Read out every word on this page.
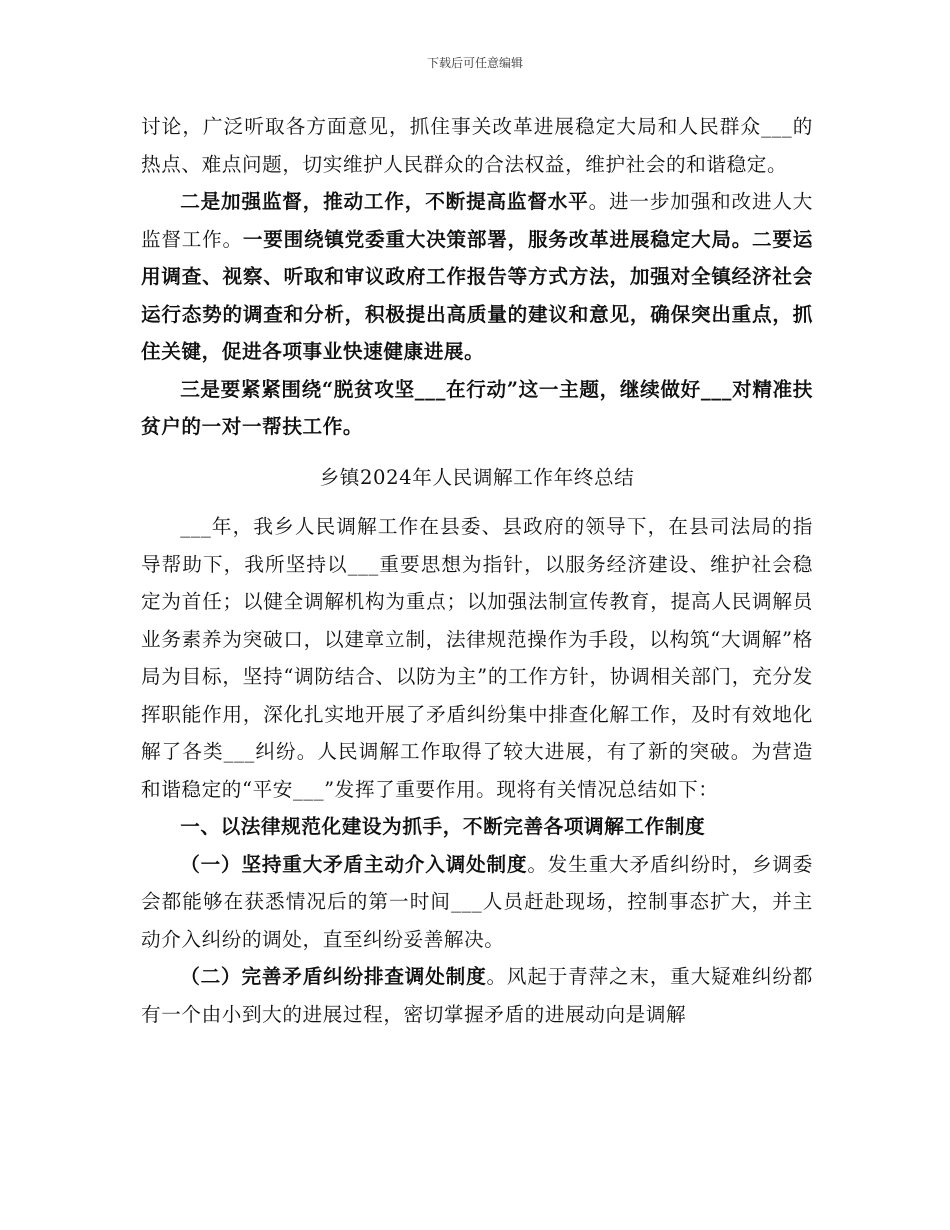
下载后可任意编辑

讨论，广泛听取各方面意见，抓住事关改革进展稳定大局和人民群众___的热点、难点问题，切实维护人民群众的合法权益，维护社会的和谐稳定。

二是加强监督，推动工作，不断提高监督水平。进一步加强和改进人大监督工作。一要围绕镇党委重大决策部署，服务改革进展稳定大局。二要运用调查、视察、听取和审议政府工作报告等方式方法，加强对全镇经济社会运行态势的调查和分析，积极提出高质量的建议和意见，确保突出重点，抓住关键，促进各项事业快速健康进展。

三是要紧紧围绕“脱贫攻坚___在行动”这一主题，继续做好___对精准扶贫户的一对一帮扶工作。

乡镇2024年人民调解工作年终总结

___年，我乡人民调解工作在县委、县政府的领导下，在县司法局的指导帮助下，我所坚持以___重要思想为指针，以服务经济建设、维护社会稳定为首任；以健全调解机构为重点；以加强法制宣传教育，提高人民调解员业务素养为突破口，以建章立制，法律规范操作为手段，以构筑“大调解”格局为目标，坚持“调防结合、以防为主”的工作方针，协调相关部门，充分发挥职能作用，深化扎实地开展了矛盾纠纷集中排查化解工作，及时有效地化解了各类___纠纷。人民调解工作取得了较大进展，有了新的突破。为营造和谐稳定的“平安___”发挥了重要作用。现将有关情况总结如下：

一、以法律规范化建设为抓手，不断完善各项调解工作制度

（一）坚持重大矛盾主动介入调处制度。发生重大矛盾纠纷时，乡调委会都能够在获悉情况后的第一时间___人员赶赴现场，控制事态扩大，并主动介入纠纷的调处，直至纠纷妥善解决。

（二）完善矛盾纠纷排查调处制度。风起于青萍之末，重大疑难纠纷都有一个由小到大的进展过程，密切掌握矛盾的进展动向是调解
